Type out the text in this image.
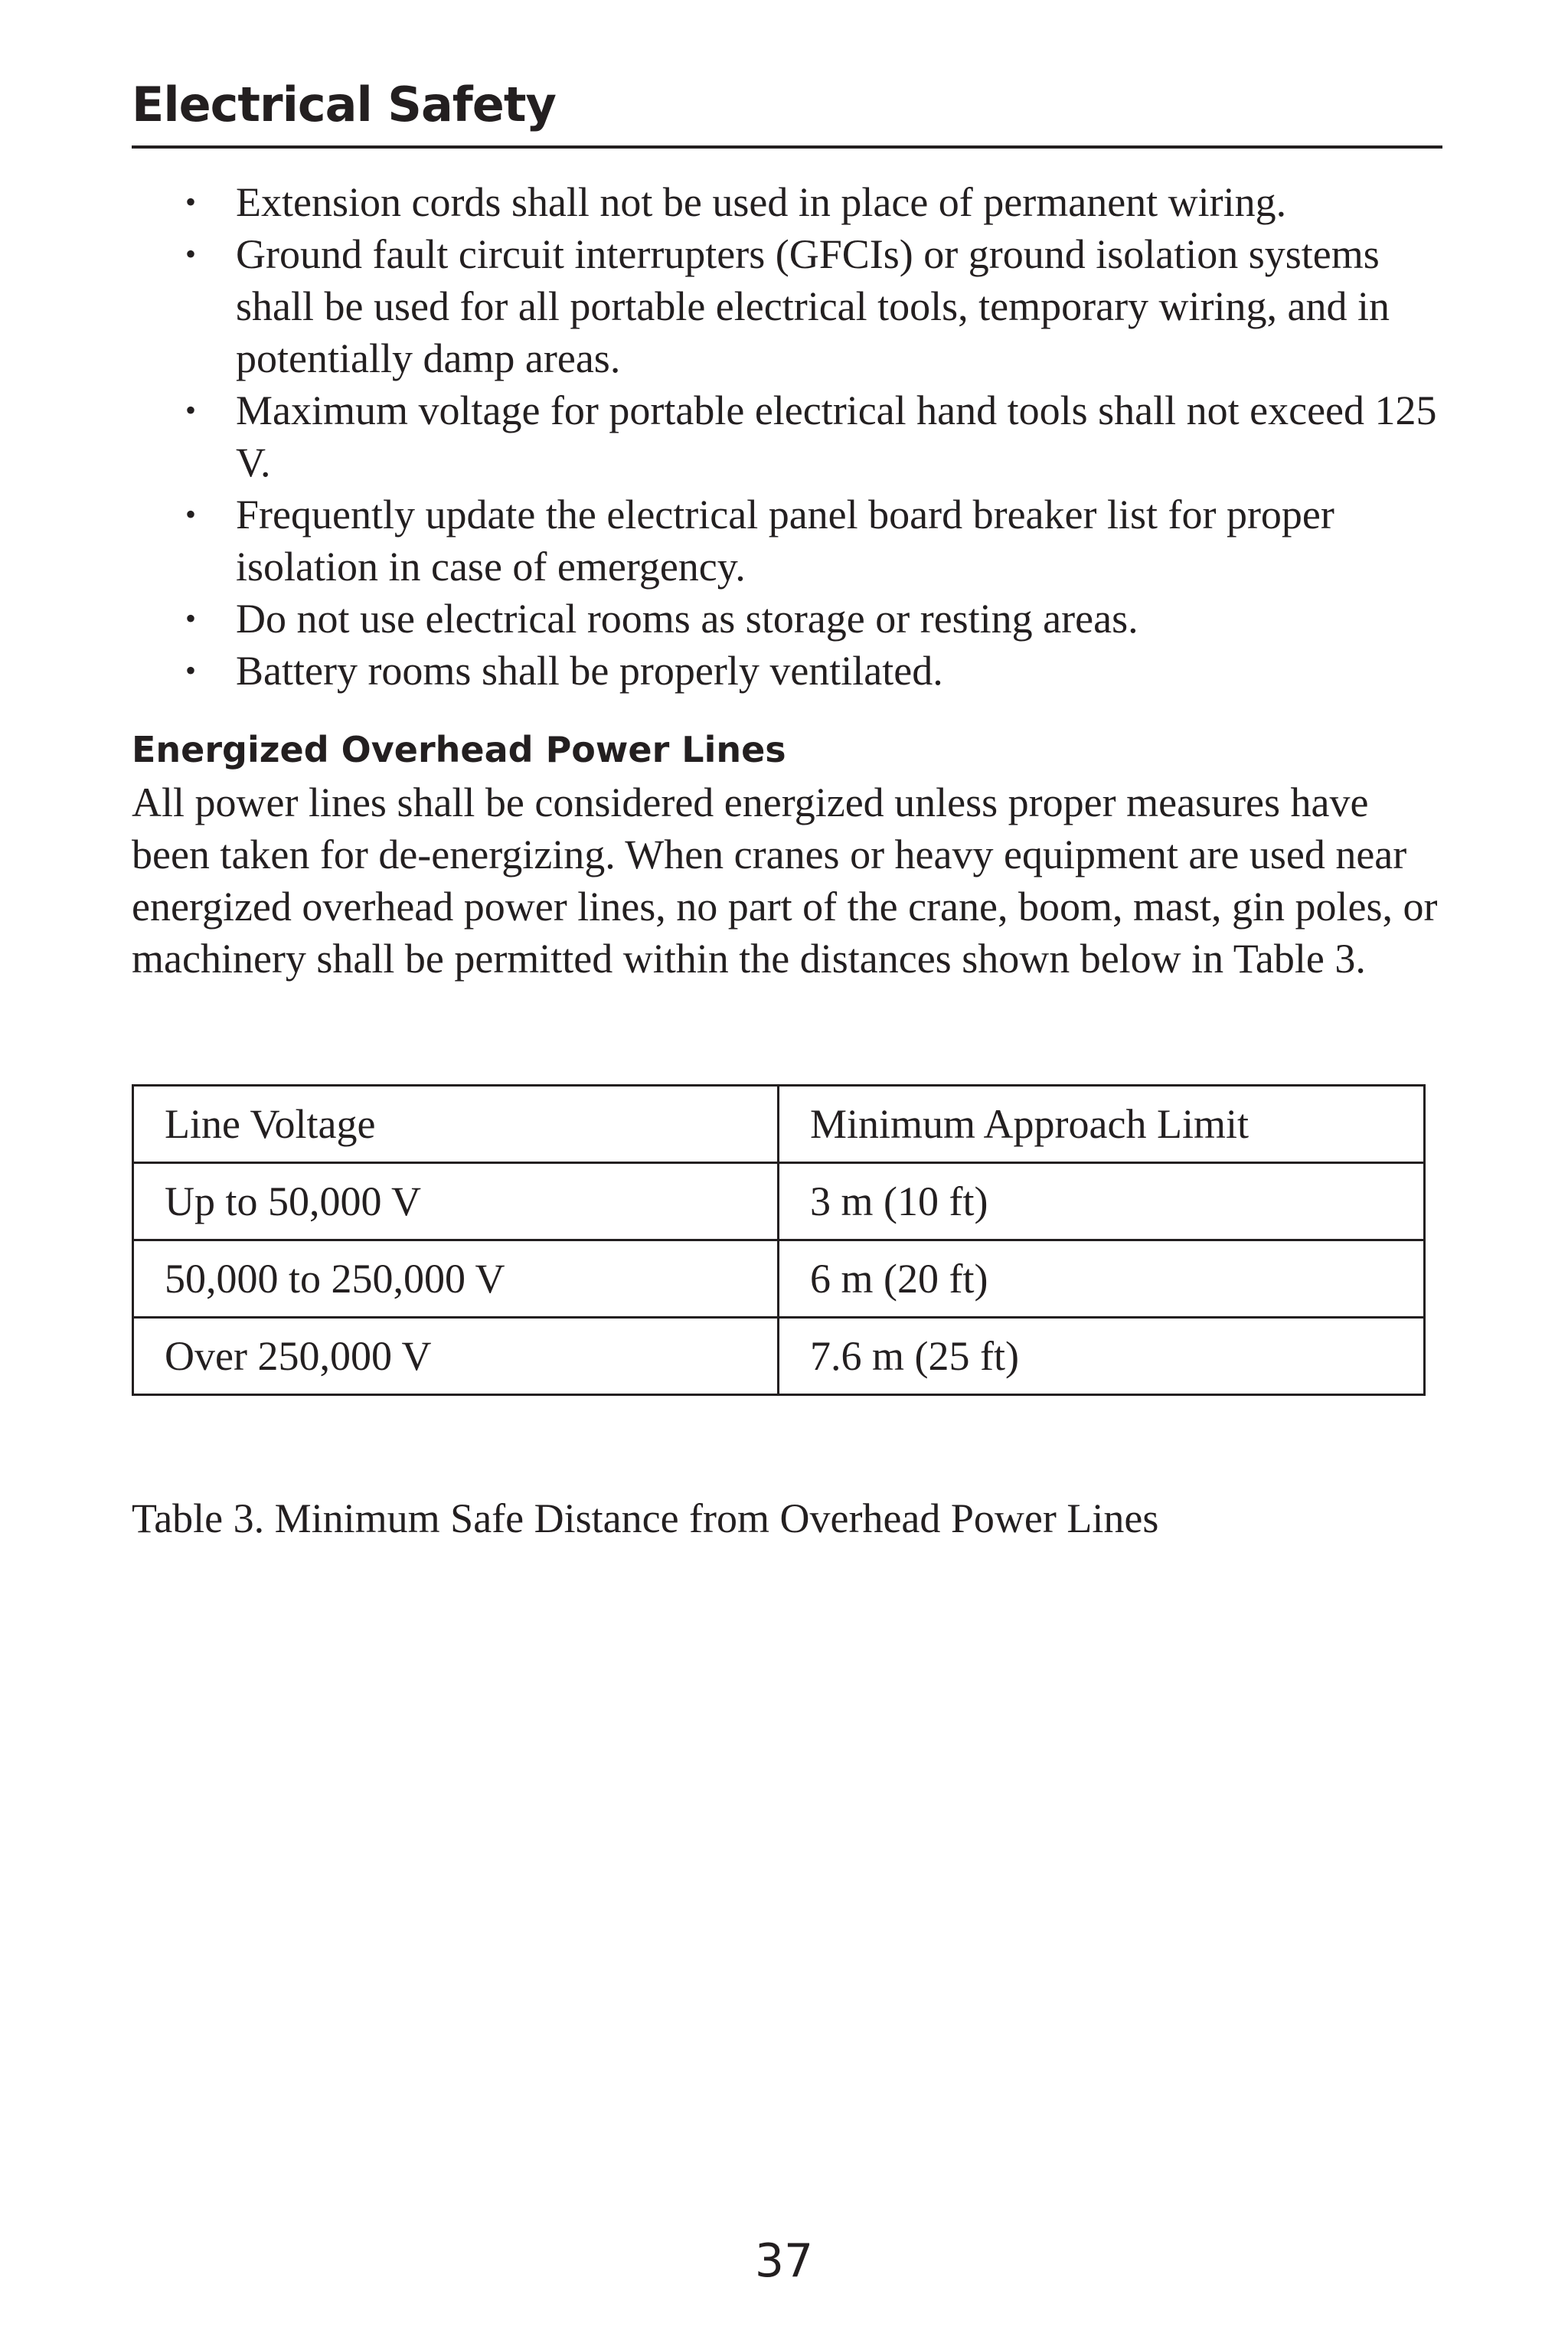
Electrical Safety
• Extension cords shall not be used in place of permanent wiring.
• Ground fault circuit interrupters (GFCIs) or ground isolation systems shall be used for all portable electrical tools, temporary wiring, and in potentially damp areas.
• Maximum voltage for portable electrical hand tools shall not exceed 125 V.
• Frequently update the electrical panel board breaker list for proper isolation in case of emergency.
• Do not use electrical rooms as storage or resting areas.
• Battery rooms shall be properly ventilated.
Energized Overhead Power Lines

All power lines shall be considered energized unless proper measures have been taken for de-energizing. When cranes or heavy equipment are used near energized overhead power lines, no part of the crane, boom, mast, gin poles, or machinery shall be permitted within the distances shown below in Table 3.

Line Voltage	Minimum Approach Limit
Up to 50,000 V	3 m (10 ft)
50,000 to 250,000 V	6 m (20 ft)
Over 250,000 V	7.6 m (25 ft)
Table 3. Minimum Safe Distance from Overhead Power Lines
37
